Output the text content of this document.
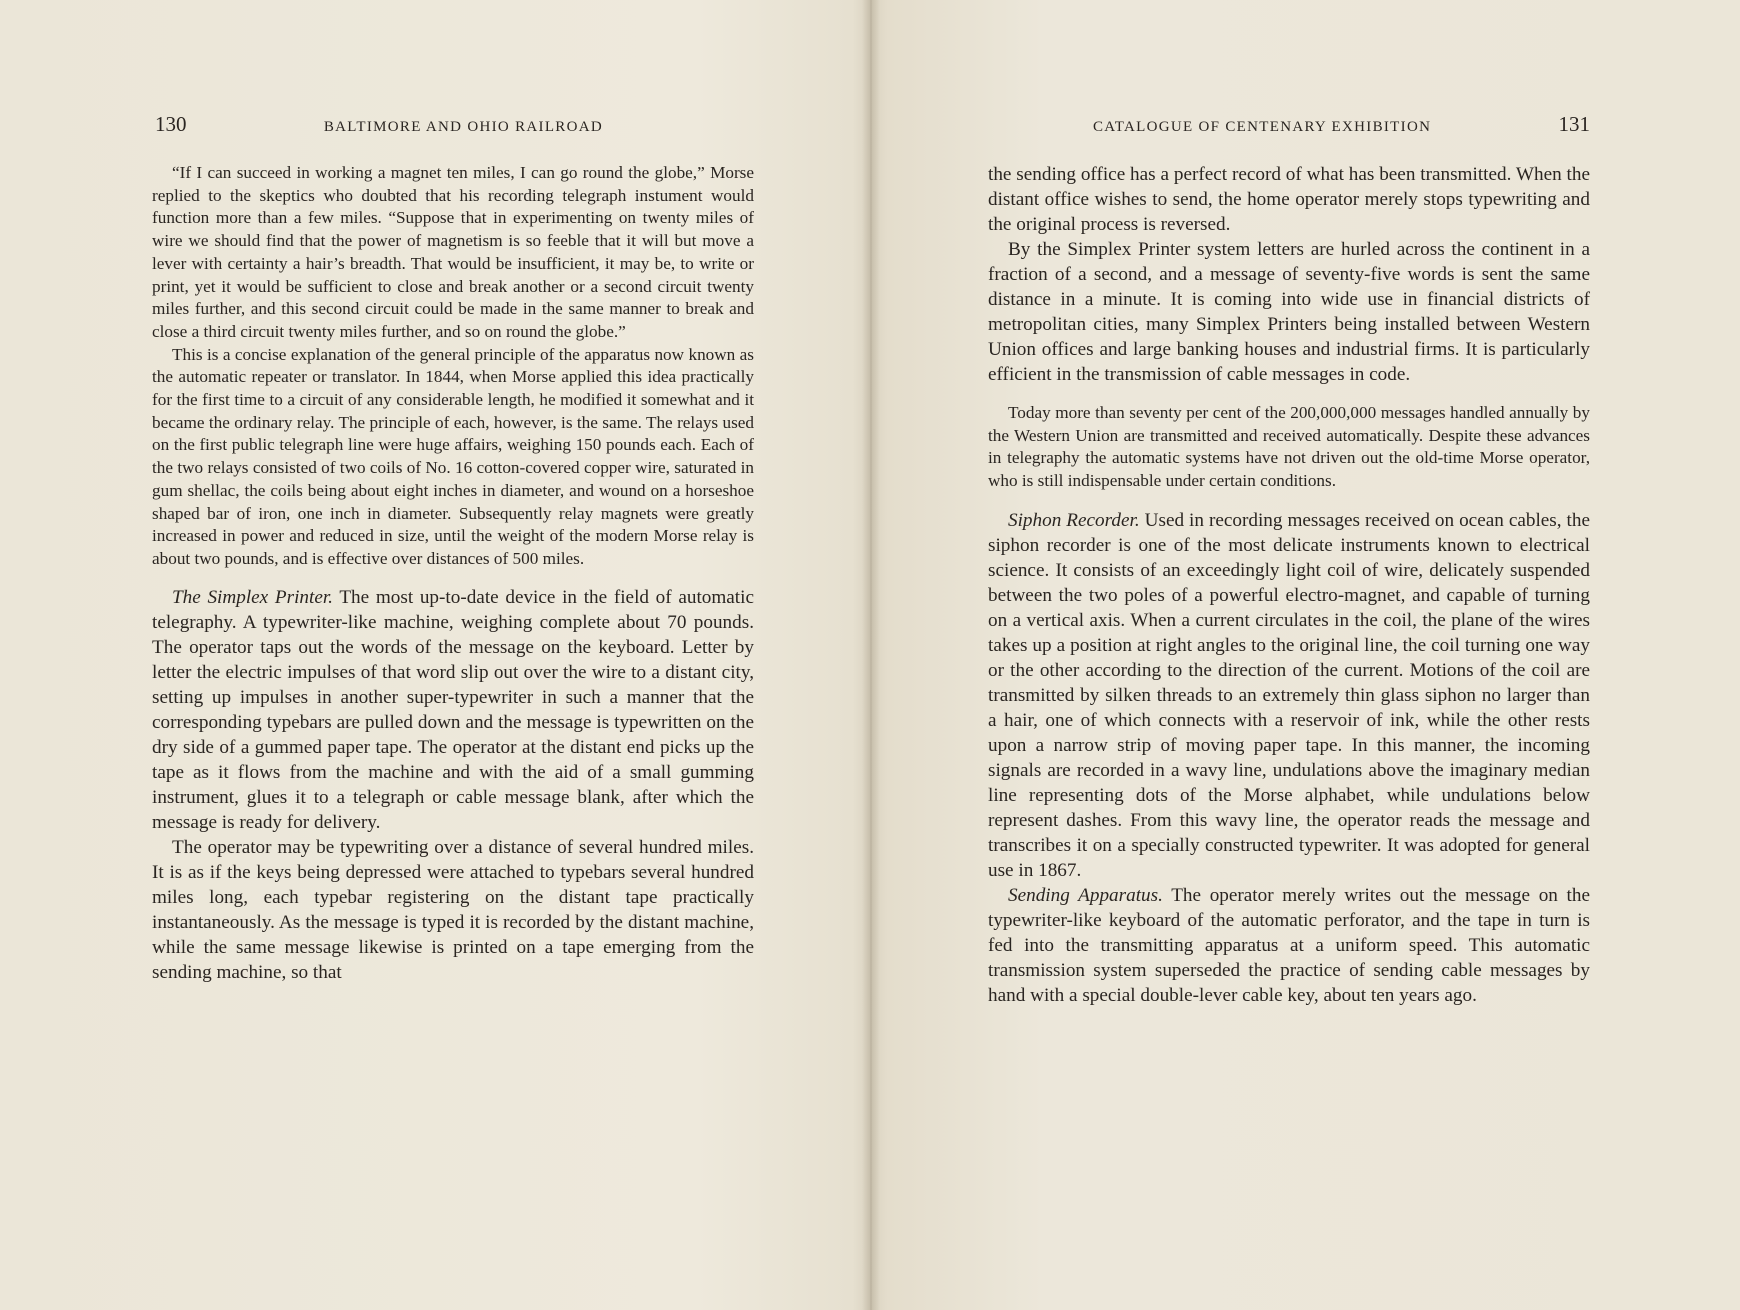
130	BALTIMORE AND OHIO RAILROAD

“If I can succeed in working a magnet ten miles, I can go round the globe,” Morse replied to the skeptics who doubted that his recording telegraph instument would function more than a few miles. “Suppose that in experimenting on twenty miles of wire we should find that the power of magnetism is so feeble that it will but move a lever with certainty a hair’s breadth. That would be insufficient, it may be, to write or print, yet it would be sufficient to close and break another or a second circuit twenty miles further, and this second circuit could be made in the same manner to break and close a third circuit twenty miles further, and so on round the globe.”

This is a concise explanation of the general principle of the apparatus now known as the automatic repeater or translator. In 1844, when Morse applied this idea practically for the first time to a circuit of any considerable length, he modified it somewhat and it became the ordinary relay. The principle of each, however, is the same. The relays used on the first public telegraph line were huge affairs, weighing 150 pounds each. Each of the two relays consisted of two coils of No. 16 cotton-covered copper wire, saturated in gum shellac, the coils being about eight inches in diameter, and wound on a horseshoe shaped bar of iron, one inch in diameter. Subsequently relay magnets were greatly increased in power and reduced in size, until the weight of the modern Morse relay is about two pounds, and is effective over distances of 500 miles.

The Simplex Printer. The most up-to-date device in the field of automatic telegraphy. A typewriter-like machine, weighing complete about 70 pounds. The operator taps out the words of the message on the keyboard. Letter by letter the electric impulses of that word slip out over the wire to a distant city, setting up impulses in another super-typewriter in such a manner that the corresponding typebars are pulled down and the message is typewritten on the dry side of a gummed paper tape. The operator at the distant end picks up the tape as it flows from the machine and with the aid of a small gumming instrument, glues it to a telegraph or cable message blank, after which the message is ready for delivery.

The operator may be typewriting over a distance of several hundred miles. It is as if the keys being depressed were attached to typebars several hundred miles long, each typebar registering on the distant tape practically instantaneously. As the message is typed it is recorded by the distant machine, while the same message likewise is printed on a tape emerging from the sending machine, so that

CATALOGUE OF CENTENARY EXHIBITION	131

the sending office has a perfect record of what has been transmitted. When the distant office wishes to send, the home operator merely stops typewriting and the original process is reversed.

By the Simplex Printer system letters are hurled across the continent in a fraction of a second, and a message of seventy-five words is sent the same distance in a minute. It is coming into wide use in financial districts of metropolitan cities, many Simplex Printers being installed between Western Union offices and large banking houses and industrial firms. It is particularly efficient in the transmission of cable messages in code.

Today more than seventy per cent of the 200,000,000 messages handled annually by the Western Union are transmitted and received automatically. Despite these advances in telegraphy the automatic systems have not driven out the old-time Morse operator, who is still indispensable under certain conditions.

Siphon Recorder. Used in recording messages received on ocean cables, the siphon recorder is one of the most delicate instruments known to electrical science. It consists of an exceedingly light coil of wire, delicately suspended between the two poles of a powerful electro-magnet, and capable of turning on a vertical axis. When a current circulates in the coil, the plane of the wires takes up a position at right angles to the original line, the coil turning one way or the other according to the direction of the current. Motions of the coil are transmitted by silken threads to an extremely thin glass siphon no larger than a hair, one of which connects with a reservoir of ink, while the other rests upon a narrow strip of moving paper tape. In this manner, the incoming signals are recorded in a wavy line, undulations above the imaginary median line representing dots of the Morse alphabet, while undulations below represent dashes. From this wavy line, the operator reads the message and transcribes it on a specially constructed typewriter. It was adopted for general use in 1867.

Sending Apparatus. The operator merely writes out the message on the typewriter-like keyboard of the automatic perforator, and the tape in turn is fed into the transmitting apparatus at a uniform speed. This automatic transmission system superseded the practice of sending cable messages by hand with a special double-lever cable key, about ten years ago.
